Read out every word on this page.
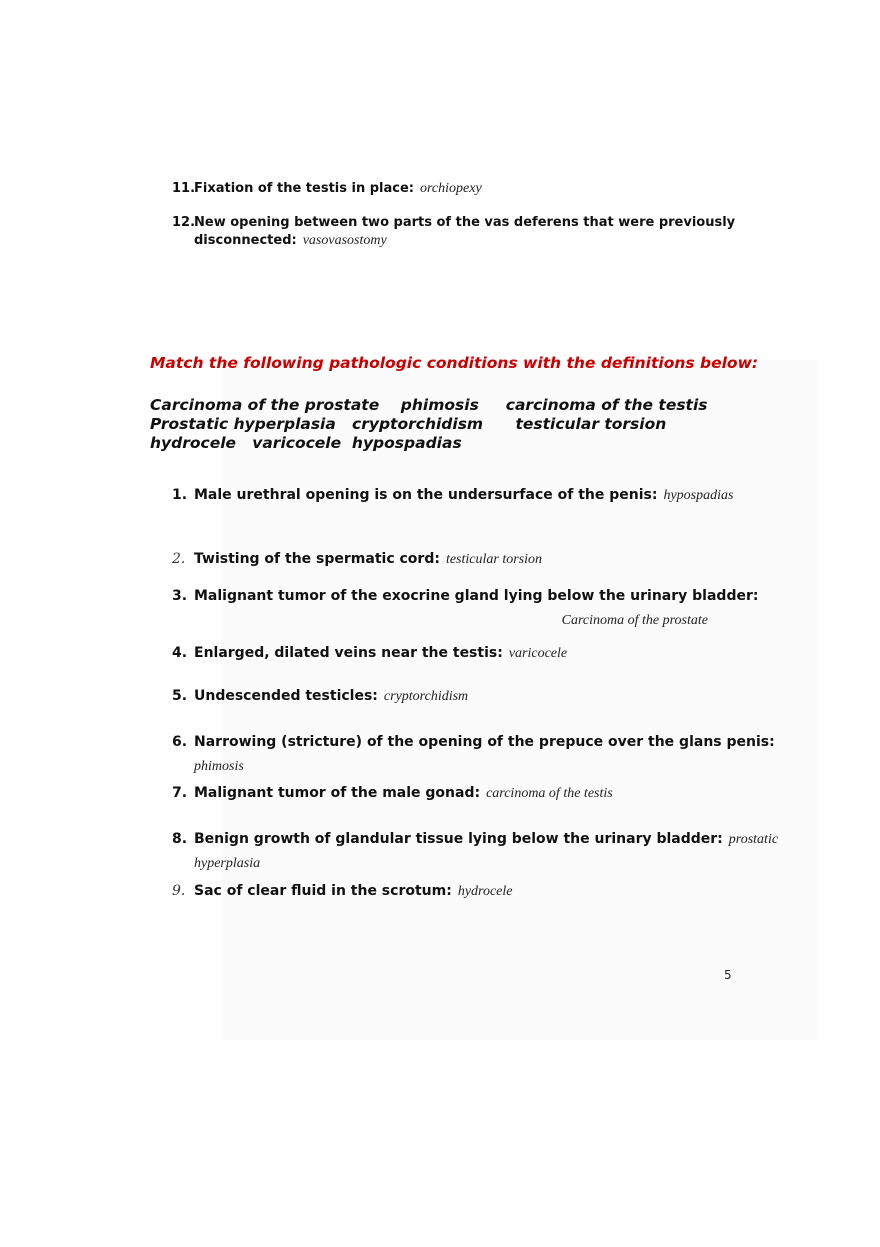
11.Fixation of the testis in place: orchiopexy
12.New opening between two parts of the vas deferens that were previously
disconnected: vasovasostomy
Match the following pathologic conditions with the definitions below:
Carcinoma of the prostate    phimosis     carcinoma of the testis
Prostatic hyperplasia   cryptorchidism      testicular torsion
hydrocele   varicocele  hypospadias
1. Male urethral opening is on the undersurface of the penis: hypospadias
2. Twisting of the spermatic cord: testicular torsion
3. Malignant tumor of the exocrine gland lying below the urinary bladder:
Carcinoma of the prostate
4. Enlarged, dilated veins near the testis: varicocele
5. Undescended testicles: cryptorchidism
6. Narrowing (stricture) of the opening of the prepuce over the glans penis:
phimosis
7. Malignant tumor of the male gonad: carcinoma of the testis
8. Benign growth of glandular tissue lying below the urinary bladder: prostatic
hyperplasia
9. Sac of clear fluid in the scrotum: hydrocele
5
